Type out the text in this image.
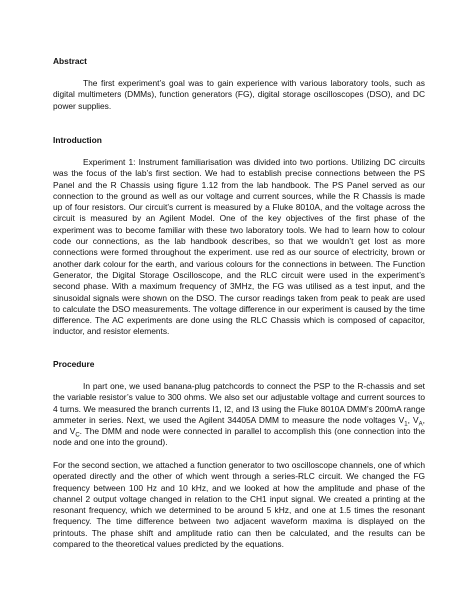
Abstract

The first experiment’s goal was to gain experience with various laboratory tools, such as digital multimeters (DMMs), function generators (FG), digital storage oscilloscopes (DSO), and DC power supplies.

Introduction

Experiment 1: Instrument familiarisation was divided into two portions. Utilizing DC circuits was the focus of the lab’s first section. We had to establish precise connections between the PS Panel and the R Chassis using figure 1.12 from the lab handbook. The PS Panel served as our connection to the ground as well as our voltage and current sources, while the R Chassis is made up of four resistors. Our circuit’s current is measured by a Fluke 8010A, and the voltage across the circuit is measured by an Agilent Model. One of the key objectives of the first phase of the experiment was to become familiar with these two laboratory tools. We had to learn how to colour code our connections, as the lab handbook describes, so that we wouldn’t get lost as more connections were formed throughout the experiment. use red as our source of electricity, brown or another dark colour for the earth, and various colours for the connections in between. The Function Generator, the Digital Storage Oscilloscope, and the RLC circuit were used in the experiment’s second phase. With a maximum frequency of 3MHz, the FG was utilised as a test input, and the sinusoidal signals were shown on the DSO. The cursor readings taken from peak to peak are used to calculate the DSO measurements. The voltage difference in our experiment is caused by the time difference. The AC experiments are done using the RLC Chassis which is composed of capacitor, inductor, and resistor elements.

Procedure

In part one, we used banana-plug patchcords to connect the PSP to the R-chassis and set the variable resistor’s value to 300 ohms. We also set our adjustable voltage and current sources to 4 turns. We measured the branch currents I1, I2, and I3 using the Fluke 8010A DMM’s 200mA range ammeter in series. Next, we used the Agilent 34405A DMM to measure the node voltages $V_1$, $V_A$, and $V_C$. The DMM and node were connected in parallel to accomplish this (one connection into the node and one into the ground).

For the second section, we attached a function generator to two oscilloscope channels, one of which operated directly and the other of which went through a series-RLC circuit. We changed the FG frequency between 100 Hz and 10 kHz, and we looked at how the amplitude and phase of the channel 2 output voltage changed in relation to the CH1 input signal. We created a printing at the resonant frequency, which we determined to be around 5 kHz, and one at 1.5 times the resonant frequency. The time difference between two adjacent waveform maxima is displayed on the printouts. The phase shift and amplitude ratio can then be calculated, and the results can be compared to the theoretical values predicted by the equations.
